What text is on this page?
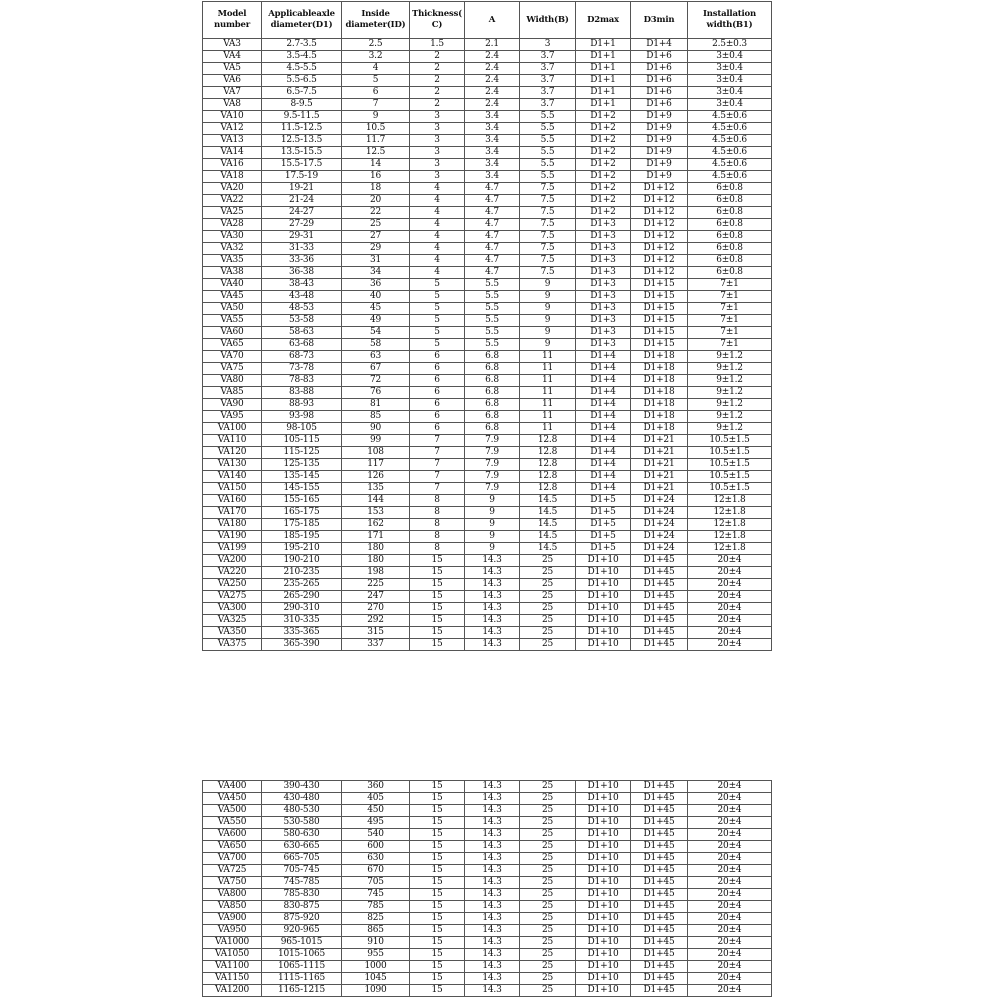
Model number	Applicableaxle diameter(D1)	Inside diameter(ID)	Thickness( C)	A	Width(B)	D2max	D3min	Installation width(B1)
VA3	2.7-3.5	2.5	1.5	2.1	3	D1+1	D1+4	2.5±0.3
VA4	3.5-4.5	3.2	2	2.4	3.7	D1+1	D1+6	3±0.4
VA5	4.5-5.5	4	2	2.4	3.7	D1+1	D1+6	3±0.4
VA6	5.5-6.5	5	2	2.4	3.7	D1+1	D1+6	3±0.4
VA7	6.5-7.5	6	2	2.4	3.7	D1+1	D1+6	3±0.4
VA8	8-9.5	7	2	2.4	3.7	D1+1	D1+6	3±0.4
VA10	9.5-11.5	9	3	3.4	5.5	D1+2	D1+9	4.5±0.6
VA12	11.5-12.5	10.5	3	3.4	5.5	D1+2	D1+9	4.5±0.6
VA13	12.5-13.5	11.7	3	3.4	5.5	D1+2	D1+9	4.5±0.6
VA14	13.5-15.5	12.5	3	3.4	5.5	D1+2	D1+9	4.5±0.6
VA16	15.5-17.5	14	3	3.4	5.5	D1+2	D1+9	4.5±0.6
VA18	17.5-19	16	3	3.4	5.5	D1+2	D1+9	4.5±0.6
VA20	19-21	18	4	4.7	7.5	D1+2	D1+12	6±0.8
VA22	21-24	20	4	4.7	7.5	D1+2	D1+12	6±0.8
VA25	24-27	22	4	4.7	7.5	D1+2	D1+12	6±0.8
VA28	27-29	25	4	4.7	7.5	D1+3	D1+12	6±0.8
VA30	29-31	27	4	4.7	7.5	D1+3	D1+12	6±0.8
VA32	31-33	29	4	4.7	7.5	D1+3	D1+12	6±0.8
VA35	33-36	31	4	4.7	7.5	D1+3	D1+12	6±0.8
VA38	36-38	34	4	4.7	7.5	D1+3	D1+12	6±0.8
VA40	38-43	36	5	5.5	9	D1+3	D1+15	7±1
VA45	43-48	40	5	5.5	9	D1+3	D1+15	7±1
VA50	48-53	45	5	5.5	9	D1+3	D1+15	7±1
VA55	53-58	49	5	5.5	9	D1+3	D1+15	7±1
VA60	58-63	54	5	5.5	9	D1+3	D1+15	7±1
VA65	63-68	58	5	5.5	9	D1+3	D1+15	7±1
VA70	68-73	63	6	6.8	11	D1+4	D1+18	9±1.2
VA75	73-78	67	6	6.8	11	D1+4	D1+18	9±1.2
VA80	78-83	72	6	6.8	11	D1+4	D1+18	9±1.2
VA85	83-88	76	6	6.8	11	D1+4	D1+18	9±1.2
VA90	88-93	81	6	6.8	11	D1+4	D1+18	9±1.2
VA95	93-98	85	6	6.8	11	D1+4	D1+18	9±1.2
VA100	98-105	90	6	6.8	11	D1+4	D1+18	9±1.2
VA110	105-115	99	7	7.9	12.8	D1+4	D1+21	10.5±1.5
VA120	115-125	108	7	7.9	12.8	D1+4	D1+21	10.5±1.5
VA130	125-135	117	7	7.9	12.8	D1+4	D1+21	10.5±1.5
VA140	135-145	126	7	7.9	12.8	D1+4	D1+21	10.5±1.5
VA150	145-155	135	7	7.9	12.8	D1+4	D1+21	10.5±1.5
VA160	155-165	144	8	9	14.5	D1+5	D1+24	12±1.8
VA170	165-175	153	8	9	14.5	D1+5	D1+24	12±1.8
VA180	175-185	162	8	9	14.5	D1+5	D1+24	12±1.8
VA190	185-195	171	8	9	14.5	D1+5	D1+24	12±1.8
VA199	195-210	180	8	9	14.5	D1+5	D1+24	12±1.8
VA200	190-210	180	15	14.3	25	D1+10	D1+45	20±4
VA220	210-235	198	15	14.3	25	D1+10	D1+45	20±4
VA250	235-265	225	15	14.3	25	D1+10	D1+45	20±4
VA275	265-290	247	15	14.3	25	D1+10	D1+45	20±4
VA300	290-310	270	15	14.3	25	D1+10	D1+45	20±4
VA325	310-335	292	15	14.3	25	D1+10	D1+45	20±4
VA350	335-365	315	15	14.3	25	D1+10	D1+45	20±4
VA375	365-390	337	15	14.3	25	D1+10	D1+45	20±4
VA400	390-430	360	15	14.3	25	D1+10	D1+45	20±4
VA450	430-480	405	15	14.3	25	D1+10	D1+45	20±4
VA500	480-530	450	15	14.3	25	D1+10	D1+45	20±4
VA550	530-580	495	15	14.3	25	D1+10	D1+45	20±4
VA600	580-630	540	15	14.3	25	D1+10	D1+45	20±4
VA650	630-665	600	15	14.3	25	D1+10	D1+45	20±4
VA700	665-705	630	15	14.3	25	D1+10	D1+45	20±4
VA725	705-745	670	15	14.3	25	D1+10	D1+45	20±4
VA750	745-785	705	15	14.3	25	D1+10	D1+45	20±4
VA800	785-830	745	15	14.3	25	D1+10	D1+45	20±4
VA850	830-875	785	15	14.3	25	D1+10	D1+45	20±4
VA900	875-920	825	15	14.3	25	D1+10	D1+45	20±4
VA950	920-965	865	15	14.3	25	D1+10	D1+45	20±4
VA1000	965-1015	910	15	14.3	25	D1+10	D1+45	20±4
VA1050	1015-1065	955	15	14.3	25	D1+10	D1+45	20±4
VA1100	1065-1115	1000	15	14.3	25	D1+10	D1+45	20±4
VA1150	1115-1165	1045	15	14.3	25	D1+10	D1+45	20±4
VA1200	1165-1215	1090	15	14.3	25	D1+10	D1+45	20±4
